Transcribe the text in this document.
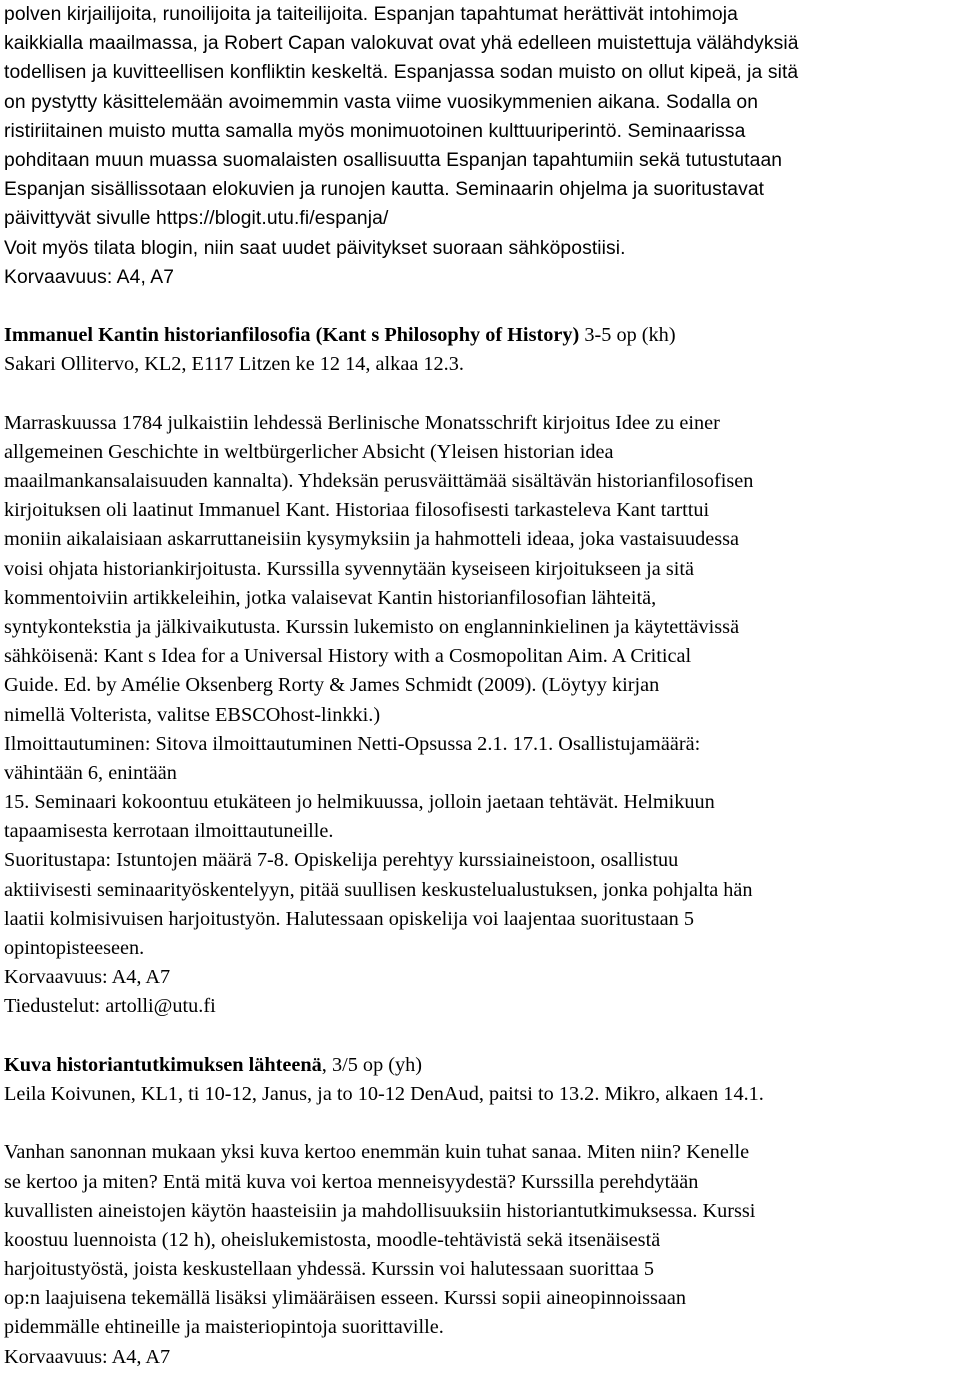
polven kirjailijoita, runoilijoita ja taiteilijoita. Espanjan tapahtumat herättivät intohimoja
kaikkialla maailmassa, ja Robert Capan valokuvat ovat yhä edelleen muistettuja välähdyksiä
todellisen ja kuvitteellisen konfliktin keskeltä. Espanjassa sodan muisto on ollut kipeä, ja sitä
on pystytty käsittelemään avoimemmin vasta viime vuosikymmenien aikana. Sodalla on
ristiriitainen muisto mutta samalla myös monimuotoinen kulttuuriperintö. Seminaarissa
pohditaan muun muassa suomalaisten osallisuutta Espanjan tapahtumiin sekä tutustutaan
Espanjan sisällissotaan elokuvien ja runojen kautta. Seminaarin ohjelma ja suoritustavat
päivittyvät sivulle https://blogit.utu.fi/espanja/
Voit myös tilata blogin, niin saat uudet päivitykset suoraan sähköpostiisi.
Korvaavuus: A4, A7
Immanuel Kantin historianfilosofia (Kant s Philosophy of History) 3-5 op (kh)
Sakari Ollitervo, KL2, E117 Litzen ke 12 14, alkaa 12.3.
Marraskuussa 1784 julkaistiin lehdessä Berlinische Monatsschrift kirjoitus Idee zu einer
allgemeinen Geschichte in weltbürgerlicher Absicht (Yleisen historian idea
maailmankansalaisuuden kannalta). Yhdeksän perusväittämää sisältävän historianfilosofisen
kirjoituksen oli laatinut Immanuel Kant. Historiaa filosofisesti tarkasteleva Kant tarttui
moniin aikalaisiaan askarruttaneisiin kysymyksiin ja hahmotteli ideaa, joka vastaisuudessa
voisi ohjata historiankirjoitusta. Kurssilla syvennytään kyseiseen kirjoitukseen ja sitä
kommentoiviin artikkeleihin, jotka valaisevat Kantin historianfilosofian lähteitä,
syntykontekstia ja jälkivaikutusta. Kurssin lukemisto on englanninkielinen ja käytettävissä
sähköisenä: Kant s Idea for a Universal History with a Cosmopolitan Aim. A Critical
Guide. Ed. by Amélie Oksenberg Rorty & James Schmidt (2009). (Löytyy kirjan
nimellä Volterista, valitse EBSCOhost-linkki.)
Ilmoittautuminen: Sitova ilmoittautuminen Netti-Opsussa 2.1. 17.1. Osallistujamäärä:
vähintään 6, enintään
15. Seminaari kokoontuu etukäteen jo helmikuussa, jolloin jaetaan tehtävät. Helmikuun
tapaamisesta kerrotaan ilmoittautuneille.
Suoritustapa: Istuntojen määrä 7-8. Opiskelija perehtyy kurssiaineistoon, osallistuu
aktiivisesti seminaarityöskentelyyn, pitää suullisen keskustelualustuksen, jonka pohjalta hän
laatii kolmisivuisen harjoitustyön. Halutessaan opiskelija voi laajentaa suoritustaan 5
opintopisteeseen.
Korvaavuus: A4, A7
Tiedustelut: artolli@utu.fi
Kuva historiantutkimuksen lähteenä, 3/5 op (yh)
Leila Koivunen, KL1, ti 10-12, Janus, ja to 10-12 DenAud, paitsi to 13.2. Mikro, alkaen 14.1.
Vanhan sanonnan mukaan yksi kuva kertoo enemmän kuin tuhat sanaa. Miten niin? Kenelle
se kertoo ja miten? Entä mitä kuva voi kertoa menneisyydestä? Kurssilla perehdytään
kuvallisten aineistojen käytön haasteisiin ja mahdollisuuksiin historiantutkimuksessa. Kurssi
koostuu luennoista (12 h), oheislukemistosta, moodle-tehtävistä sekä itsenäisestä
harjoitustyöstä, joista keskustellaan yhdessä. Kurssin voi halutessaan suorittaa 5
op:n laajuisena tekemällä lisäksi ylimääräisen esseen. Kurssi sopii aineopinnoissaan
pidemmälle ehtineille ja maisteriopintoja suorittaville.
Korvaavuus: A4, A7
